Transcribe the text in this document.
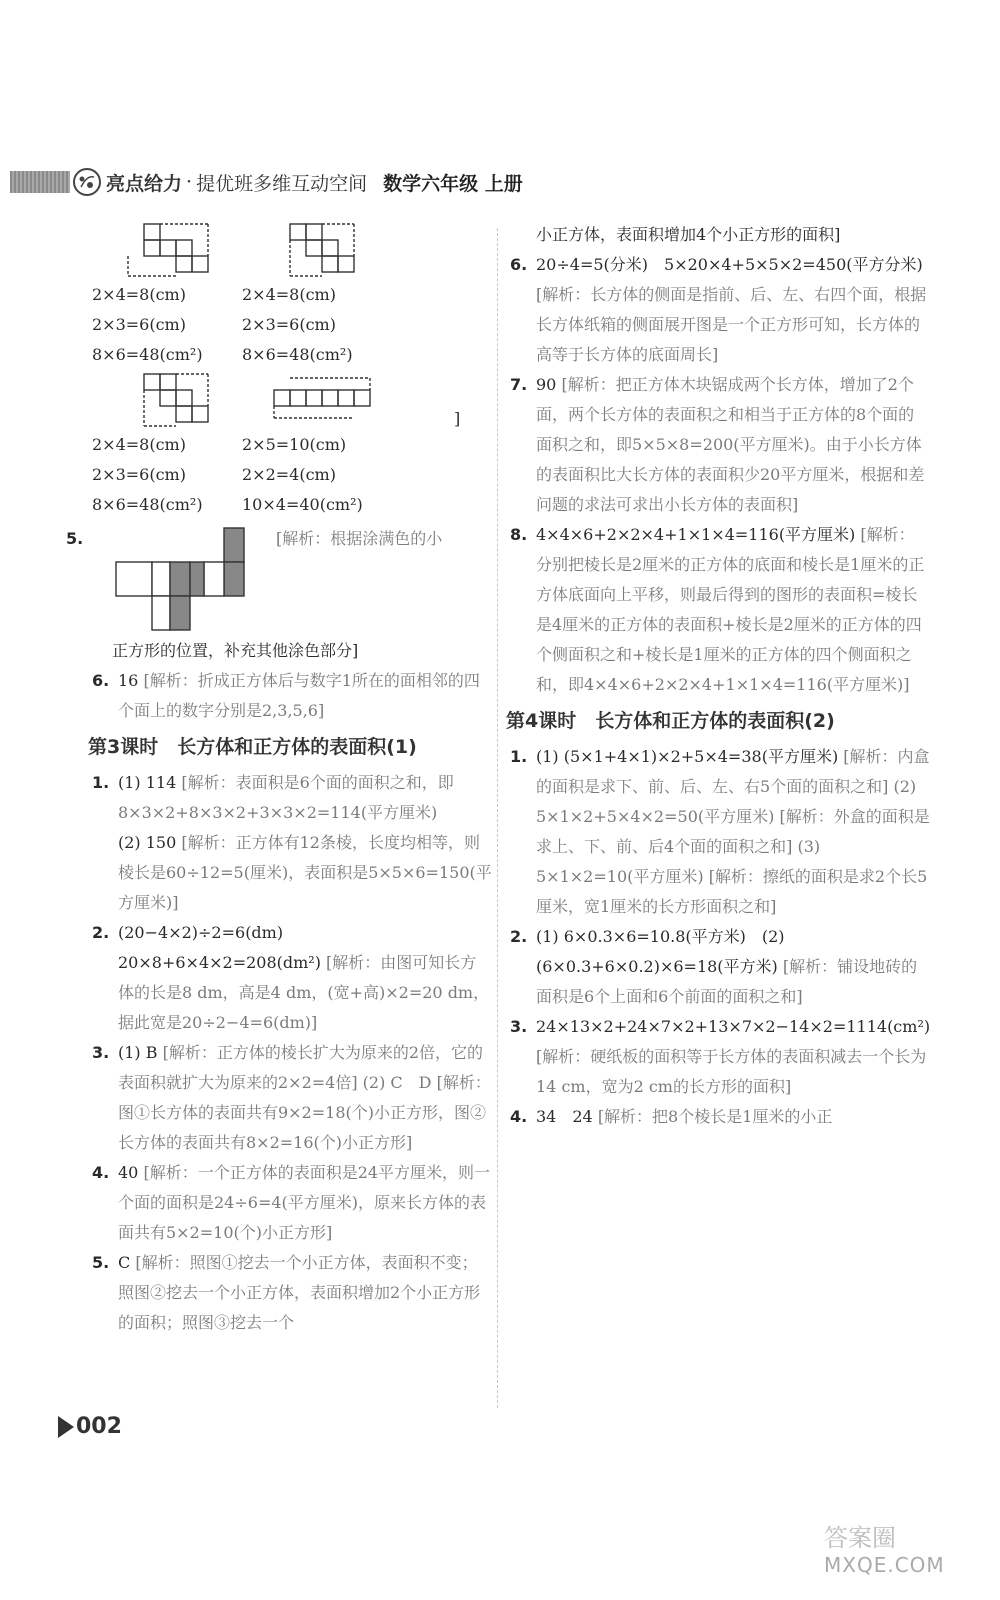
亮点给力 · 提优班多维互动空间 数学六年级 上册
2×4=8(cm)
2×3=6(cm)
8×6=48(cm²)
2×4=8(cm)
2×3=6(cm)
8×6=48(cm²)
2×4=8(cm)
2×3=6(cm)
8×6=48(cm²)
]
2×5=10(cm)
2×2=4(cm)
10×4=40(cm²)
5.	[解析：根据涂满色的小
正方形的位置，补充其他涂色部分]
6. 16 [解析：折成正方体后与数字1所在的面相邻的四个面上的数字分别是2,3,5,6]
第3课时　长方体和正方体的表面积(1)
1. (1) 114 [解析：表面积是6个面的面积之和，即8×3×2+8×3×2+3×3×2=114(平方厘米)
(2) 150 [解析：正方体有12条棱，长度均相等，则棱长是60÷12=5(厘米)，表面积是5×5×6=150(平方厘米)]
2. (20−4×2)÷2=6(dm)　20×8+6×4×2=208(dm²) [解析：由图可知长方体的长是8 dm，高是4 dm，(宽+高)×2=20 dm，据此宽是20÷2−4=6(dm)]
3. (1) B [解析：正方体的棱长扩大为原来的2倍，它的表面积就扩大为原来的2×2=4倍] (2) C　D [解析：图①长方体的表面共有9×2=18(个)小正方形，图②长方体的表面共有8×2=16(个)小正方形]
4. 40 [解析：一个正方体的表面积是24平方厘米，则一个面的面积是24÷6=4(平方厘米)，原来长方体的表面共有5×2=10(个)小正方形]
5. C [解析：照图①挖去一个小正方体，表面积不变；照图②挖去一个小正方体，表面积增加2个小正方形的面积；照图③挖去一个
小正方体，表面积增加4个小正方形的面积]
6. 20÷4=5(分米)　5×20×4+5×5×2=450(平方分米) [解析：长方体的侧面是指前、后、左、右四个面，根据长方体纸箱的侧面展开图是一个正方形可知，长方体的高等于长方体的底面周长]
7. 90 [解析：把正方体木块锯成两个长方体，增加了2个面，两个长方体的表面积之和相当于正方体的8个面的面积之和，即5×5×8=200(平方厘米)。由于小长方体的表面积比大长方体的表面积少20平方厘米，根据和差问题的求法可求出小长方体的表面积]
8. 4×4×6+2×2×4+1×1×4=116(平方厘米) [解析：分别把棱长是2厘米的正方体的底面和棱长是1厘米的正方体底面向上平移，则最后得到的图形的表面积=棱长是4厘米的正方体的表面积+棱长是2厘米的正方体的四个侧面积之和+棱长是1厘米的正方体的四个侧面积之和，即4×4×6+2×2×4+1×1×4=116(平方厘米)]
第4课时　长方体和正方体的表面积(2)
1. (1) (5×1+4×1)×2+5×4=38(平方厘米) [解析：内盒的面积是求下、前、后、左、右5个面的面积之和] (2) 5×1×2+5×4×2=50(平方厘米) [解析：外盒的面积是求上、下、前、后4个面的面积之和] (3) 5×1×2=10(平方厘米) [解析：擦纸的面积是求2个长5厘米，宽1厘米的长方形面积之和]
2. (1) 6×0.3×6=10.8(平方米)　(2) (6×0.3+6×0.2)×6=18(平方米) [解析：铺设地砖的面积是6个上面和6个前面的面积之和]
3. 24×13×2+24×7×2+13×7×2−14×2=1114(cm²) [解析：硬纸板的面积等于长方体的表面积减去一个长为14 cm，宽为2 cm的长方形的面积]
4. 34　24 [解析：把8个棱长是1厘米的小正
002
答案圈
MXQE.COM
